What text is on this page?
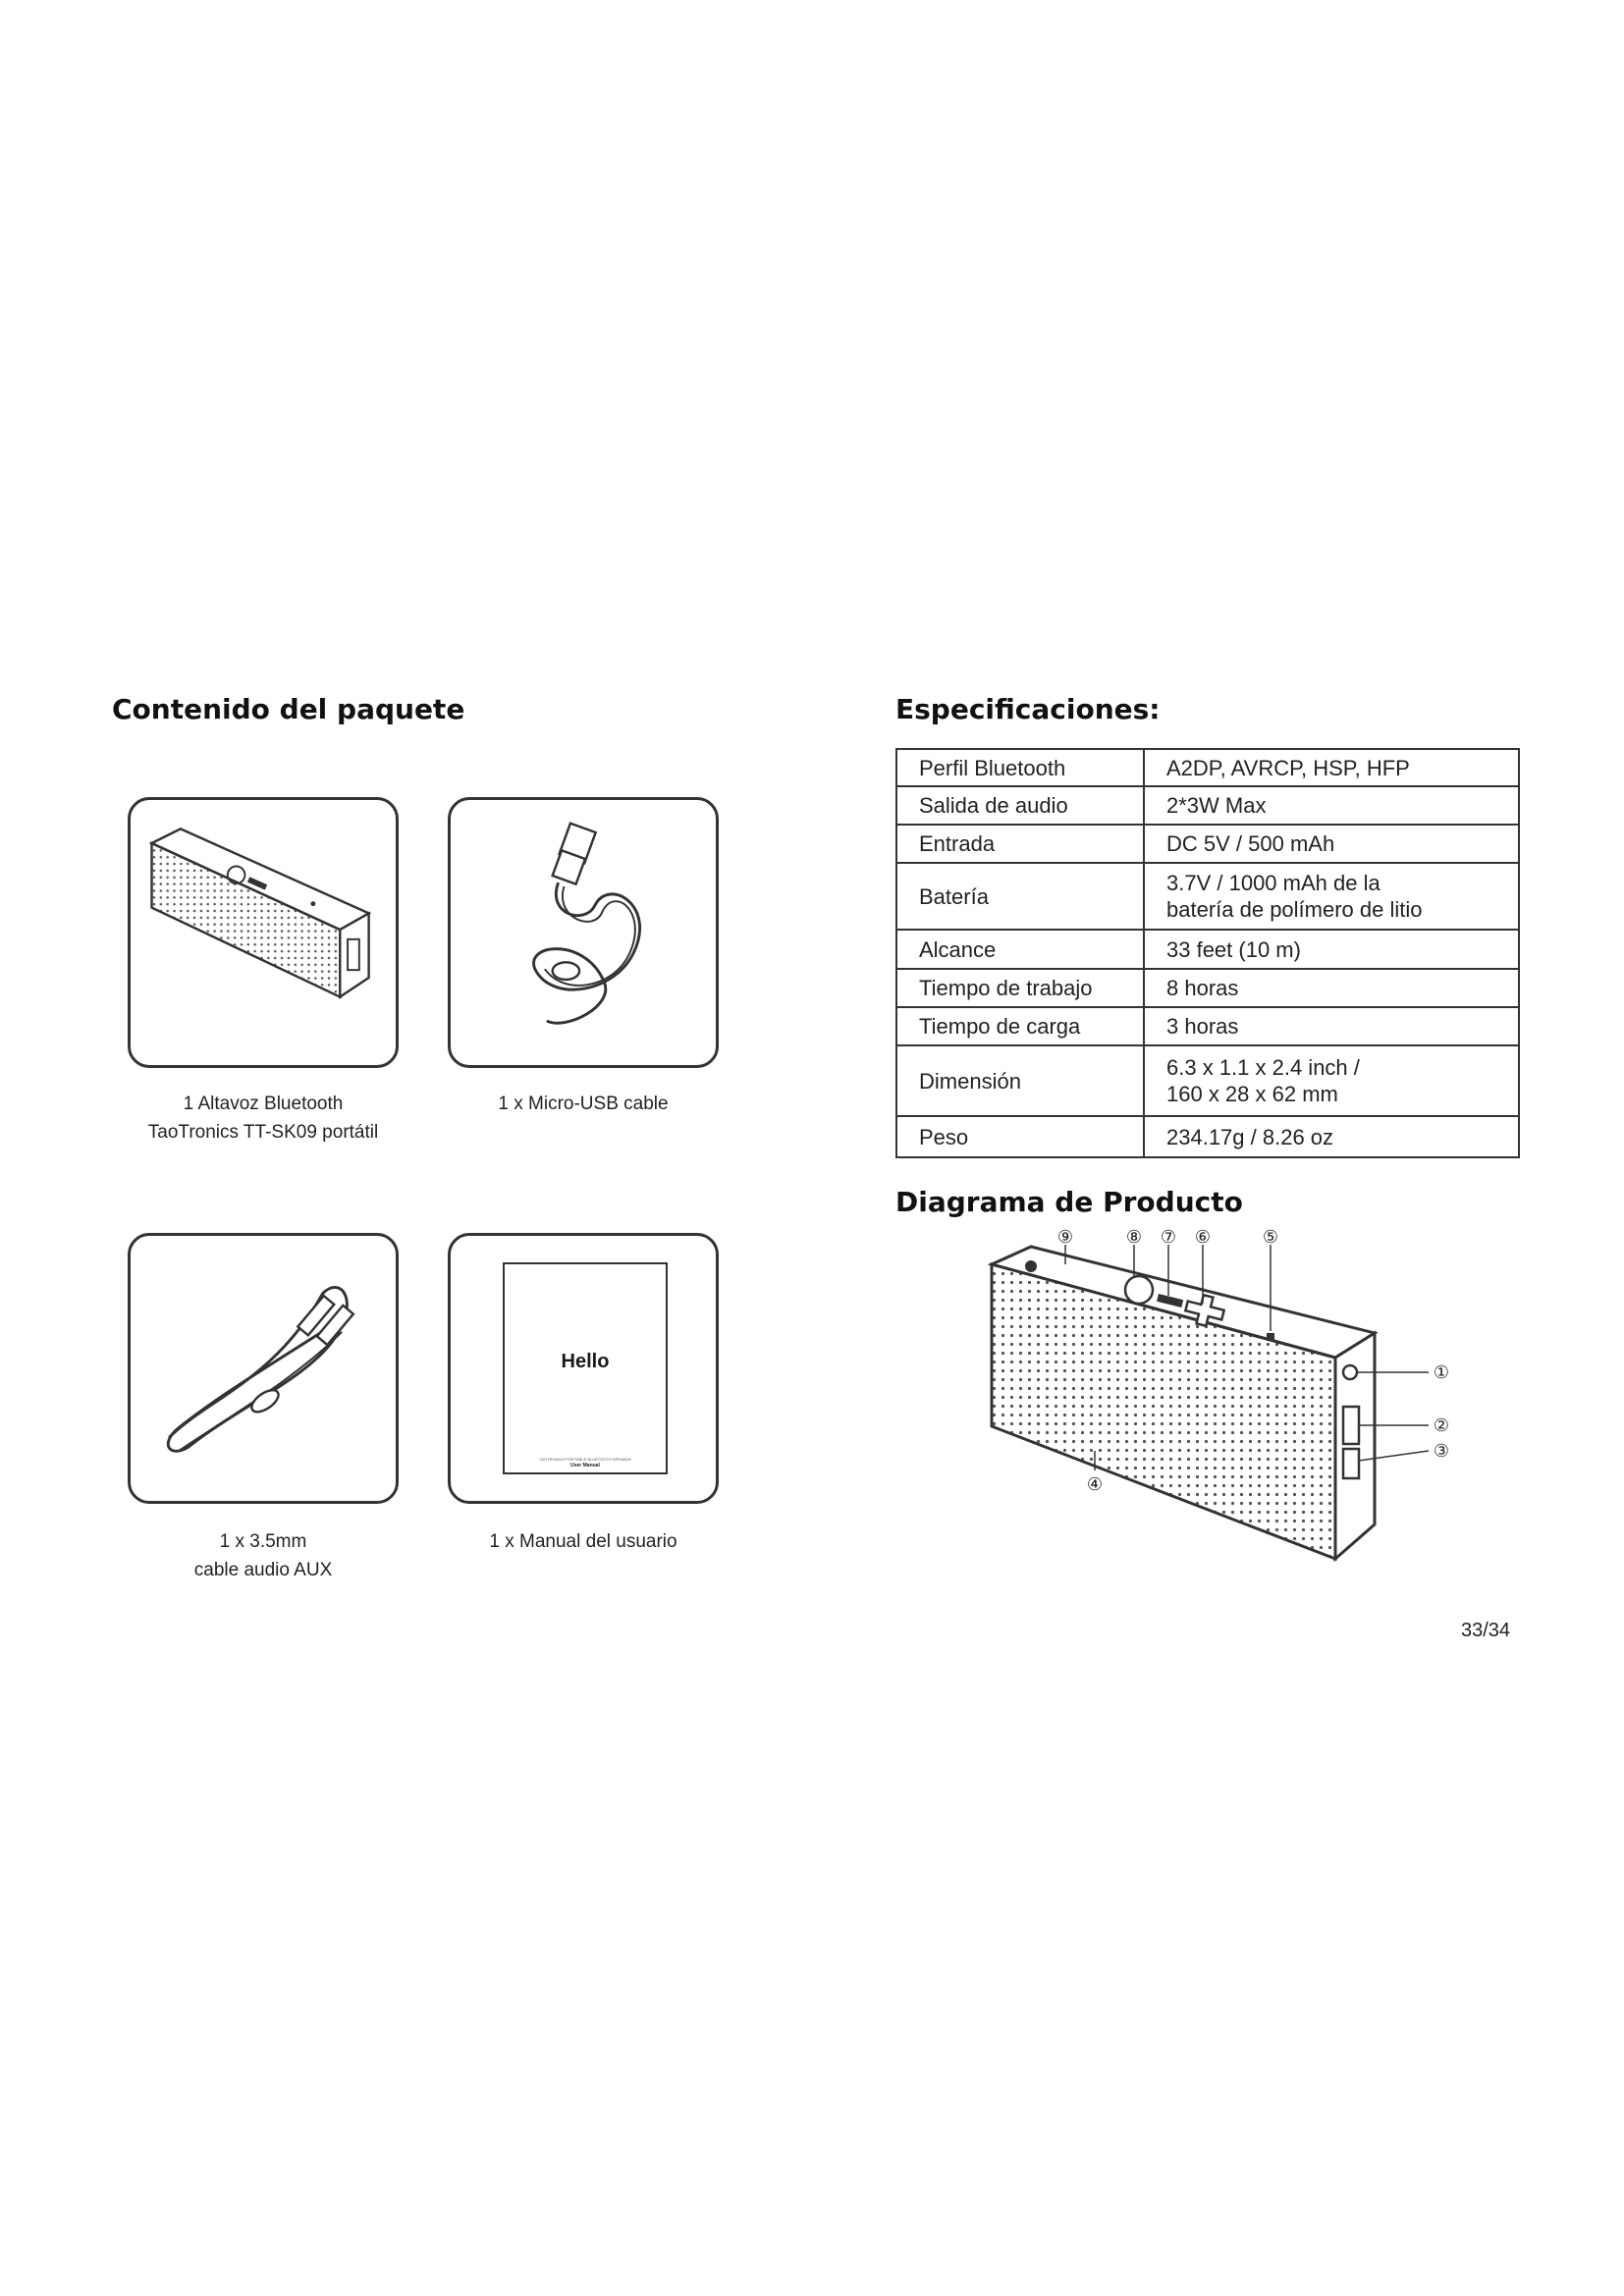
Contenido del paquete
1 Altavoz Bluetooth
TaoTronics TT-SK09 portátil
1 x Micro-USB cable
1 x 3.5mm
cable audio AUX
Hello
TAOTRONICS PORTABLE BLUETOOTH SPEAKER
User Manual
1 x Manual del usuario
Especificaciones:
Perfil Bluetooth	A2DP, AVRCP, HSP, HFP
Salida de audio	2*3W Max
Entrada	DC 5V / 500 mAh
Batería	3.7V / 1000 mAh de la
batería de polímero de litio

Alcance	33 feet (10 m)
Tiempo de trabajo	8 horas
Tiempo de carga	3 horas
Dimensión	6.3 x 1.1 x 2.4 inch /
160 x 28 x 62 mm

Peso	234.17g / 8.26 oz
Diagrama de Producto
⑨	⑧ ⑦ ⑥	⑤
①
②
③
④
33/34
